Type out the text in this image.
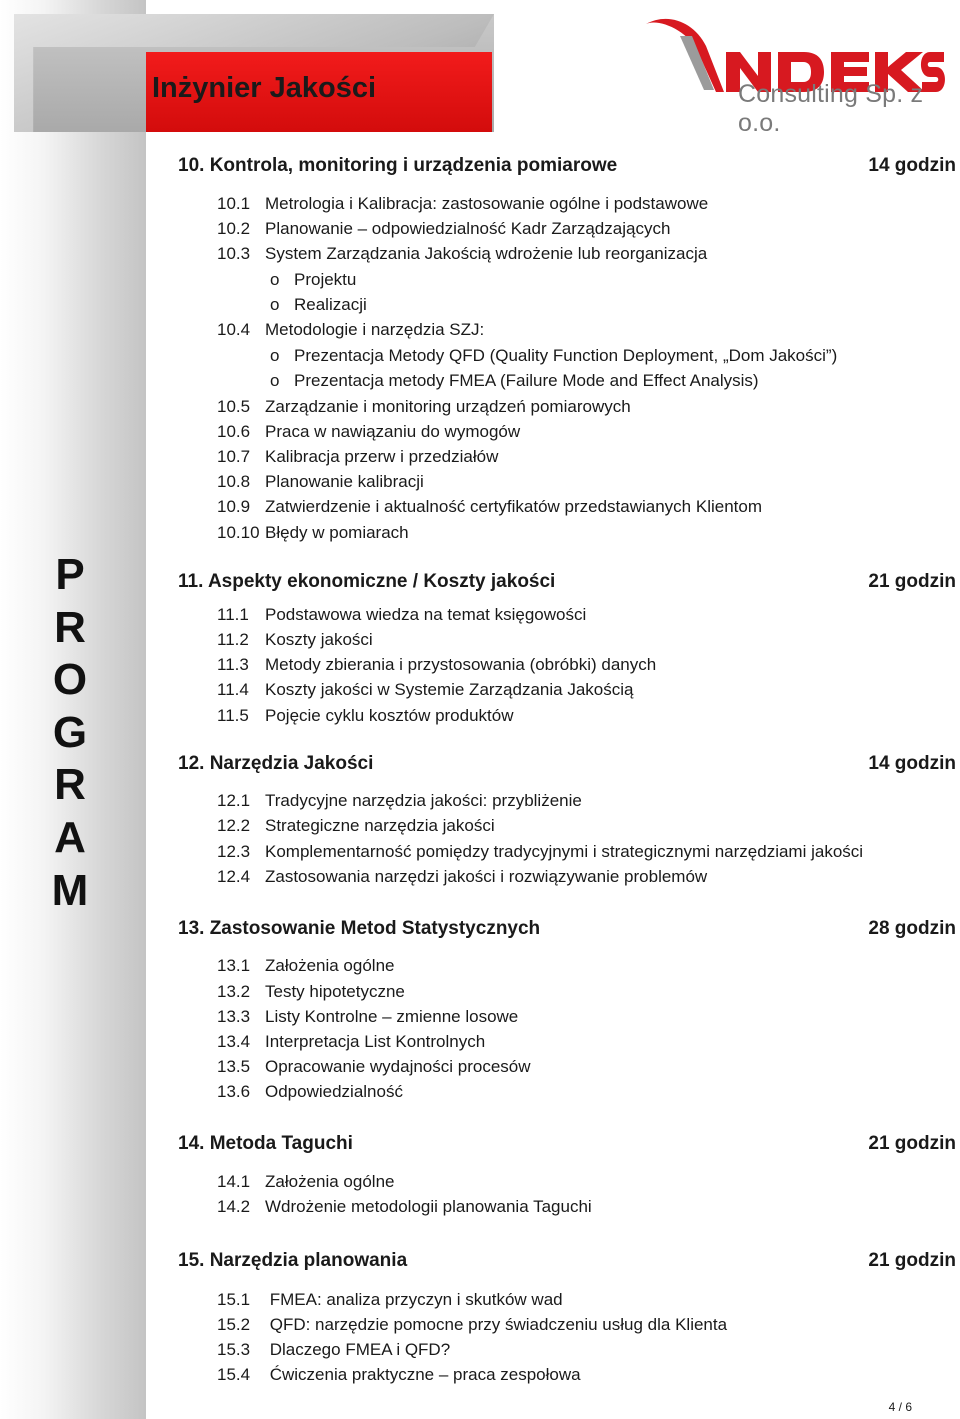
Inżynier Jakości	Consulting Sp. z o.o.
P
R
O
G
R
A
M
10. Kontrola, monitoring i urządzenia pomiarowe	14 godzin
10.1 Metrologia i Kalibracja: zastosowanie ogólne i podstawowe
10.2 Planowanie – odpowiedzialność Kadr Zarządzających
10.3 System Zarządzania Jakością wdrożenie lub reorganizacja
o Projektu
o Realizacji
10.4 Metodologie i narzędzia SZJ:
o Prezentacja Metody QFD (Quality Function Deployment, „Dom Jakości”)
o Prezentacja metody FMEA (Failure Mode and Effect Analysis)
10.5 Zarządzanie i monitoring urządzeń pomiarowych
10.6 Praca w nawiązaniu do wymogów
10.7 Kalibracja przerw i przedziałów
10.8 Planowanie kalibracji
10.9 Zatwierdzenie i aktualność certyfikatów przedstawianych Klientom
10.10 Błędy w pomiarach
11. Aspekty ekonomiczne / Koszty jakości	21 godzin
11.1 Podstawowa wiedza na temat księgowości
11.2 Koszty jakości
11.3 Metody zbierania i przystosowania (obróbki) danych
11.4 Koszty jakości w Systemie Zarządzania Jakością
11.5 Pojęcie cyklu kosztów produktów
12. Narzędzia Jakości	14 godzin
12.1 Tradycyjne narzędzia jakości: przybliżenie
12.2 Strategiczne narzędzia jakości
12.3 Komplementarność pomiędzy tradycyjnymi i strategicznymi narzędziami jakości
12.4 Zastosowania narzędzi jakości i rozwiązywanie problemów
13. Zastosowanie Metod Statystycznych	28 godzin
13.1 Założenia ogólne
13.2 Testy hipotetyczne
13.3 Listy Kontrolne – zmienne losowe
13.4 Interpretacja List Kontrolnych
13.5 Opracowanie wydajności procesów
13.6 Odpowiedzialność
14. Metoda Taguchi	21 godzin
14.1 Założenia ogólne
14.2 Wdrożenie metodologii planowania Taguchi
15. Narzędzia planowania	21 godzin
15.1 FMEA: analiza przyczyn i skutków wad
15.2 QFD: narzędzie pomocne przy świadczeniu usług dla Klienta
15.3 Dlaczego FMEA i QFD?
15.4 Ćwiczenia praktyczne – praca zespołowa
4 / 6
